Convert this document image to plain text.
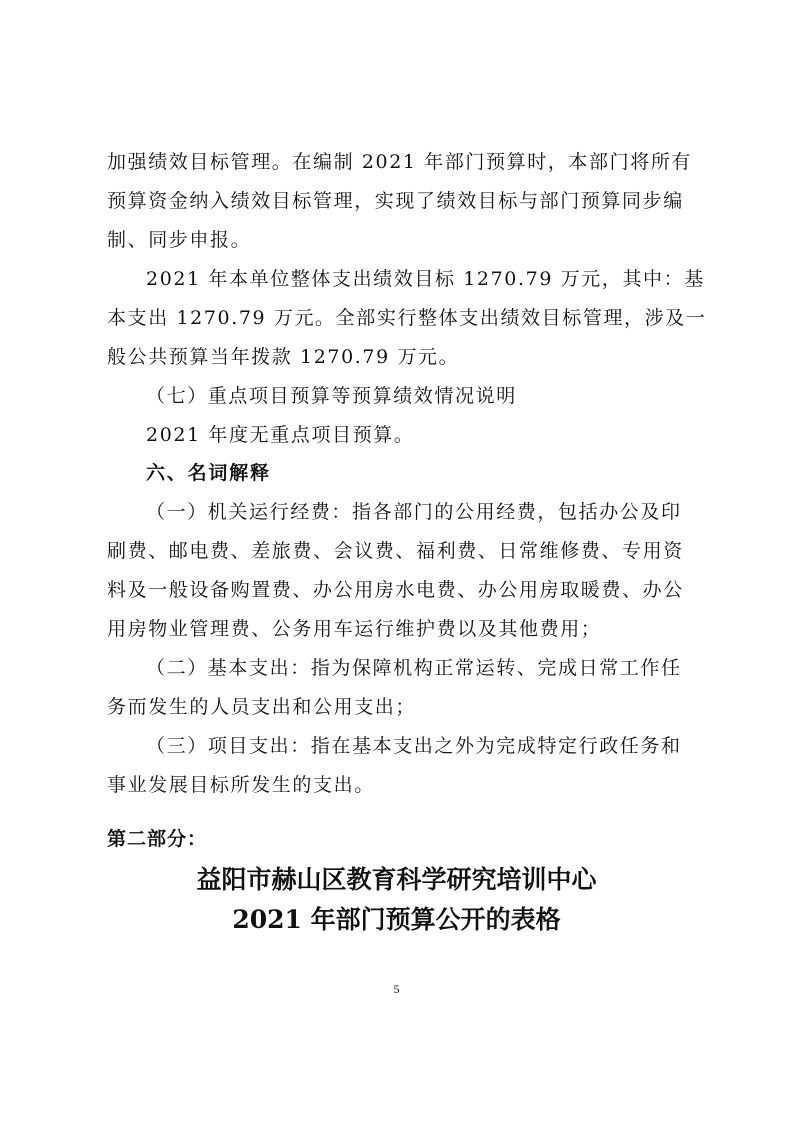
加强绩效目标管理。在编制 2021 年部门预算时，本部门将所有
预算资金纳入绩效目标管理，实现了绩效目标与部门预算同步编
制、同步申报。
2021 年本单位整体支出绩效目标 1270.79 万元，其中：基
本支出 1270.79 万元。全部实行整体支出绩效目标管理，涉及一
般公共预算当年拨款 1270.79 万元。
（七）重点项目预算等预算绩效情况说明
2021 年度无重点项目预算。
六、名词解释
（一）机关运行经费：指各部门的公用经费，包括办公及印
刷费、邮电费、差旅费、会议费、福利费、日常维修费、专用资
料及一般设备购置费、办公用房水电费、办公用房取暖费、办公
用房物业管理费、公务用车运行维护费以及其他费用；
（二）基本支出：指为保障机构正常运转、完成日常工作任
务而发生的人员支出和公用支出；
（三）项目支出：指在基本支出之外为完成特定行政任务和
事业发展目标所发生的支出。
第二部分：
益阳市赫山区教育科学研究培训中心
2021 年部门预算公开的表格
5
